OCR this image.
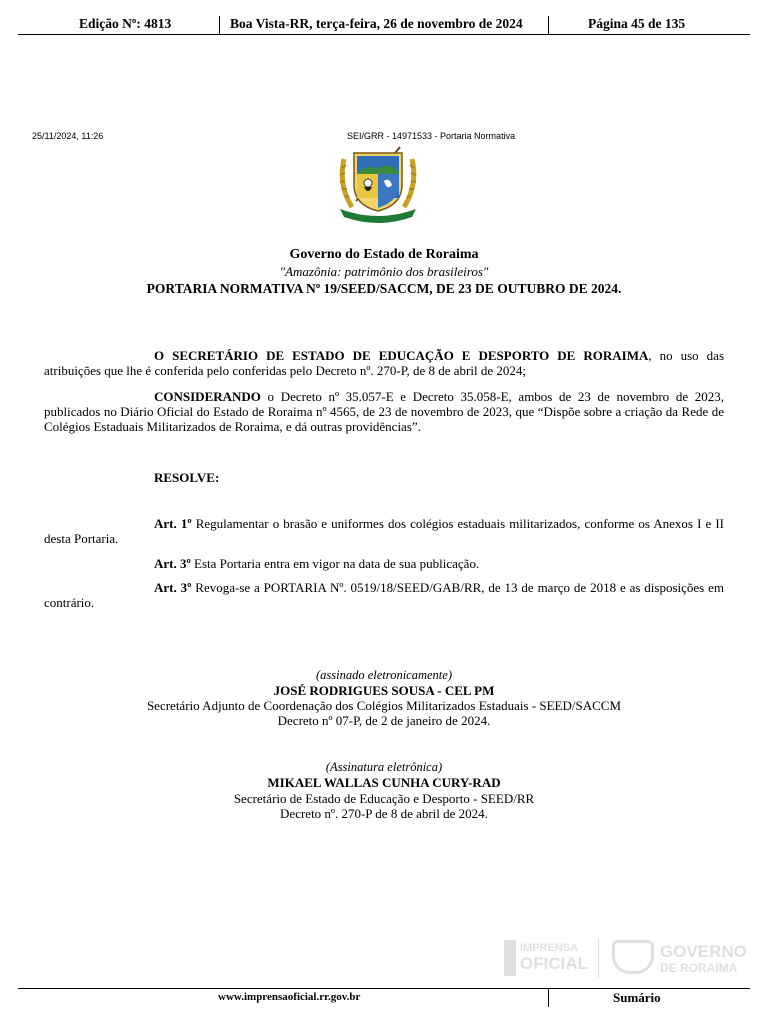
Edição Nº: 4813	Boa Vista-RR, terça-feira, 26 de novembro de 2024	Página 45 de 135
25/11/2024, 11:26	SEI/GRR - 14971533 - Portaria Normativa
Governo do Estado de Roraima
"Amazônia: patrimônio dos brasileiros"
PORTARIA NORMATIVA Nº 19/SEED/SACCM, DE 23 DE OUTUBRO DE 2024.
O SECRETÁRIO DE ESTADO DE EDUCAÇÃO E DESPORTO DE RORAIMA, no uso das atribuições que lhe é conferida pelo conferidas pelo Decreto nº. 270-P, de 8 de abril de 2024;
CONSIDERANDO o Decreto nº 35.057-E e Decreto 35.058-E, ambos de 23 de novembro de 2023, publicados no Diário Oficial do Estado de Roraima nº 4565, de 23 de novembro de 2023, que “Dispõe sobre a criação da Rede de Colégios Estaduais Militarizados de Roraima, e dá outras providências”.
RESOLVE:
Art. 1º Regulamentar o brasão e uniformes dos colégios estaduais militarizados, conforme os Anexos I e II desta Portaria.
Art. 3º Esta Portaria entra em vigor na data de sua publicação.
Art. 3º Revoga-se a PORTARIA Nº. 0519/18/SEED/GAB/RR, de 13 de março de 2018 e as disposições em contrário.
(assinado eletronicamente)
JOSÉ RODRIGUES SOUSA - CEL PM
Secretário Adjunto de Coordenação dos Colégios Militarizados Estaduais - SEED/SACCM
Decreto nº 07-P, de 2 de janeiro de 2024.
(Assinatura eletrônica)
MIKAEL WALLAS CUNHA CURY-RAD
Secretário de Estado de Educação e Desporto - SEED/RR
Decreto nº. 270-P de 8 de abril de 2024.
IMPRENSA
OFICIAL
GOVERNO
DE RORAIMA
www.imprensaoficial.rr.gov.br	Sumário
